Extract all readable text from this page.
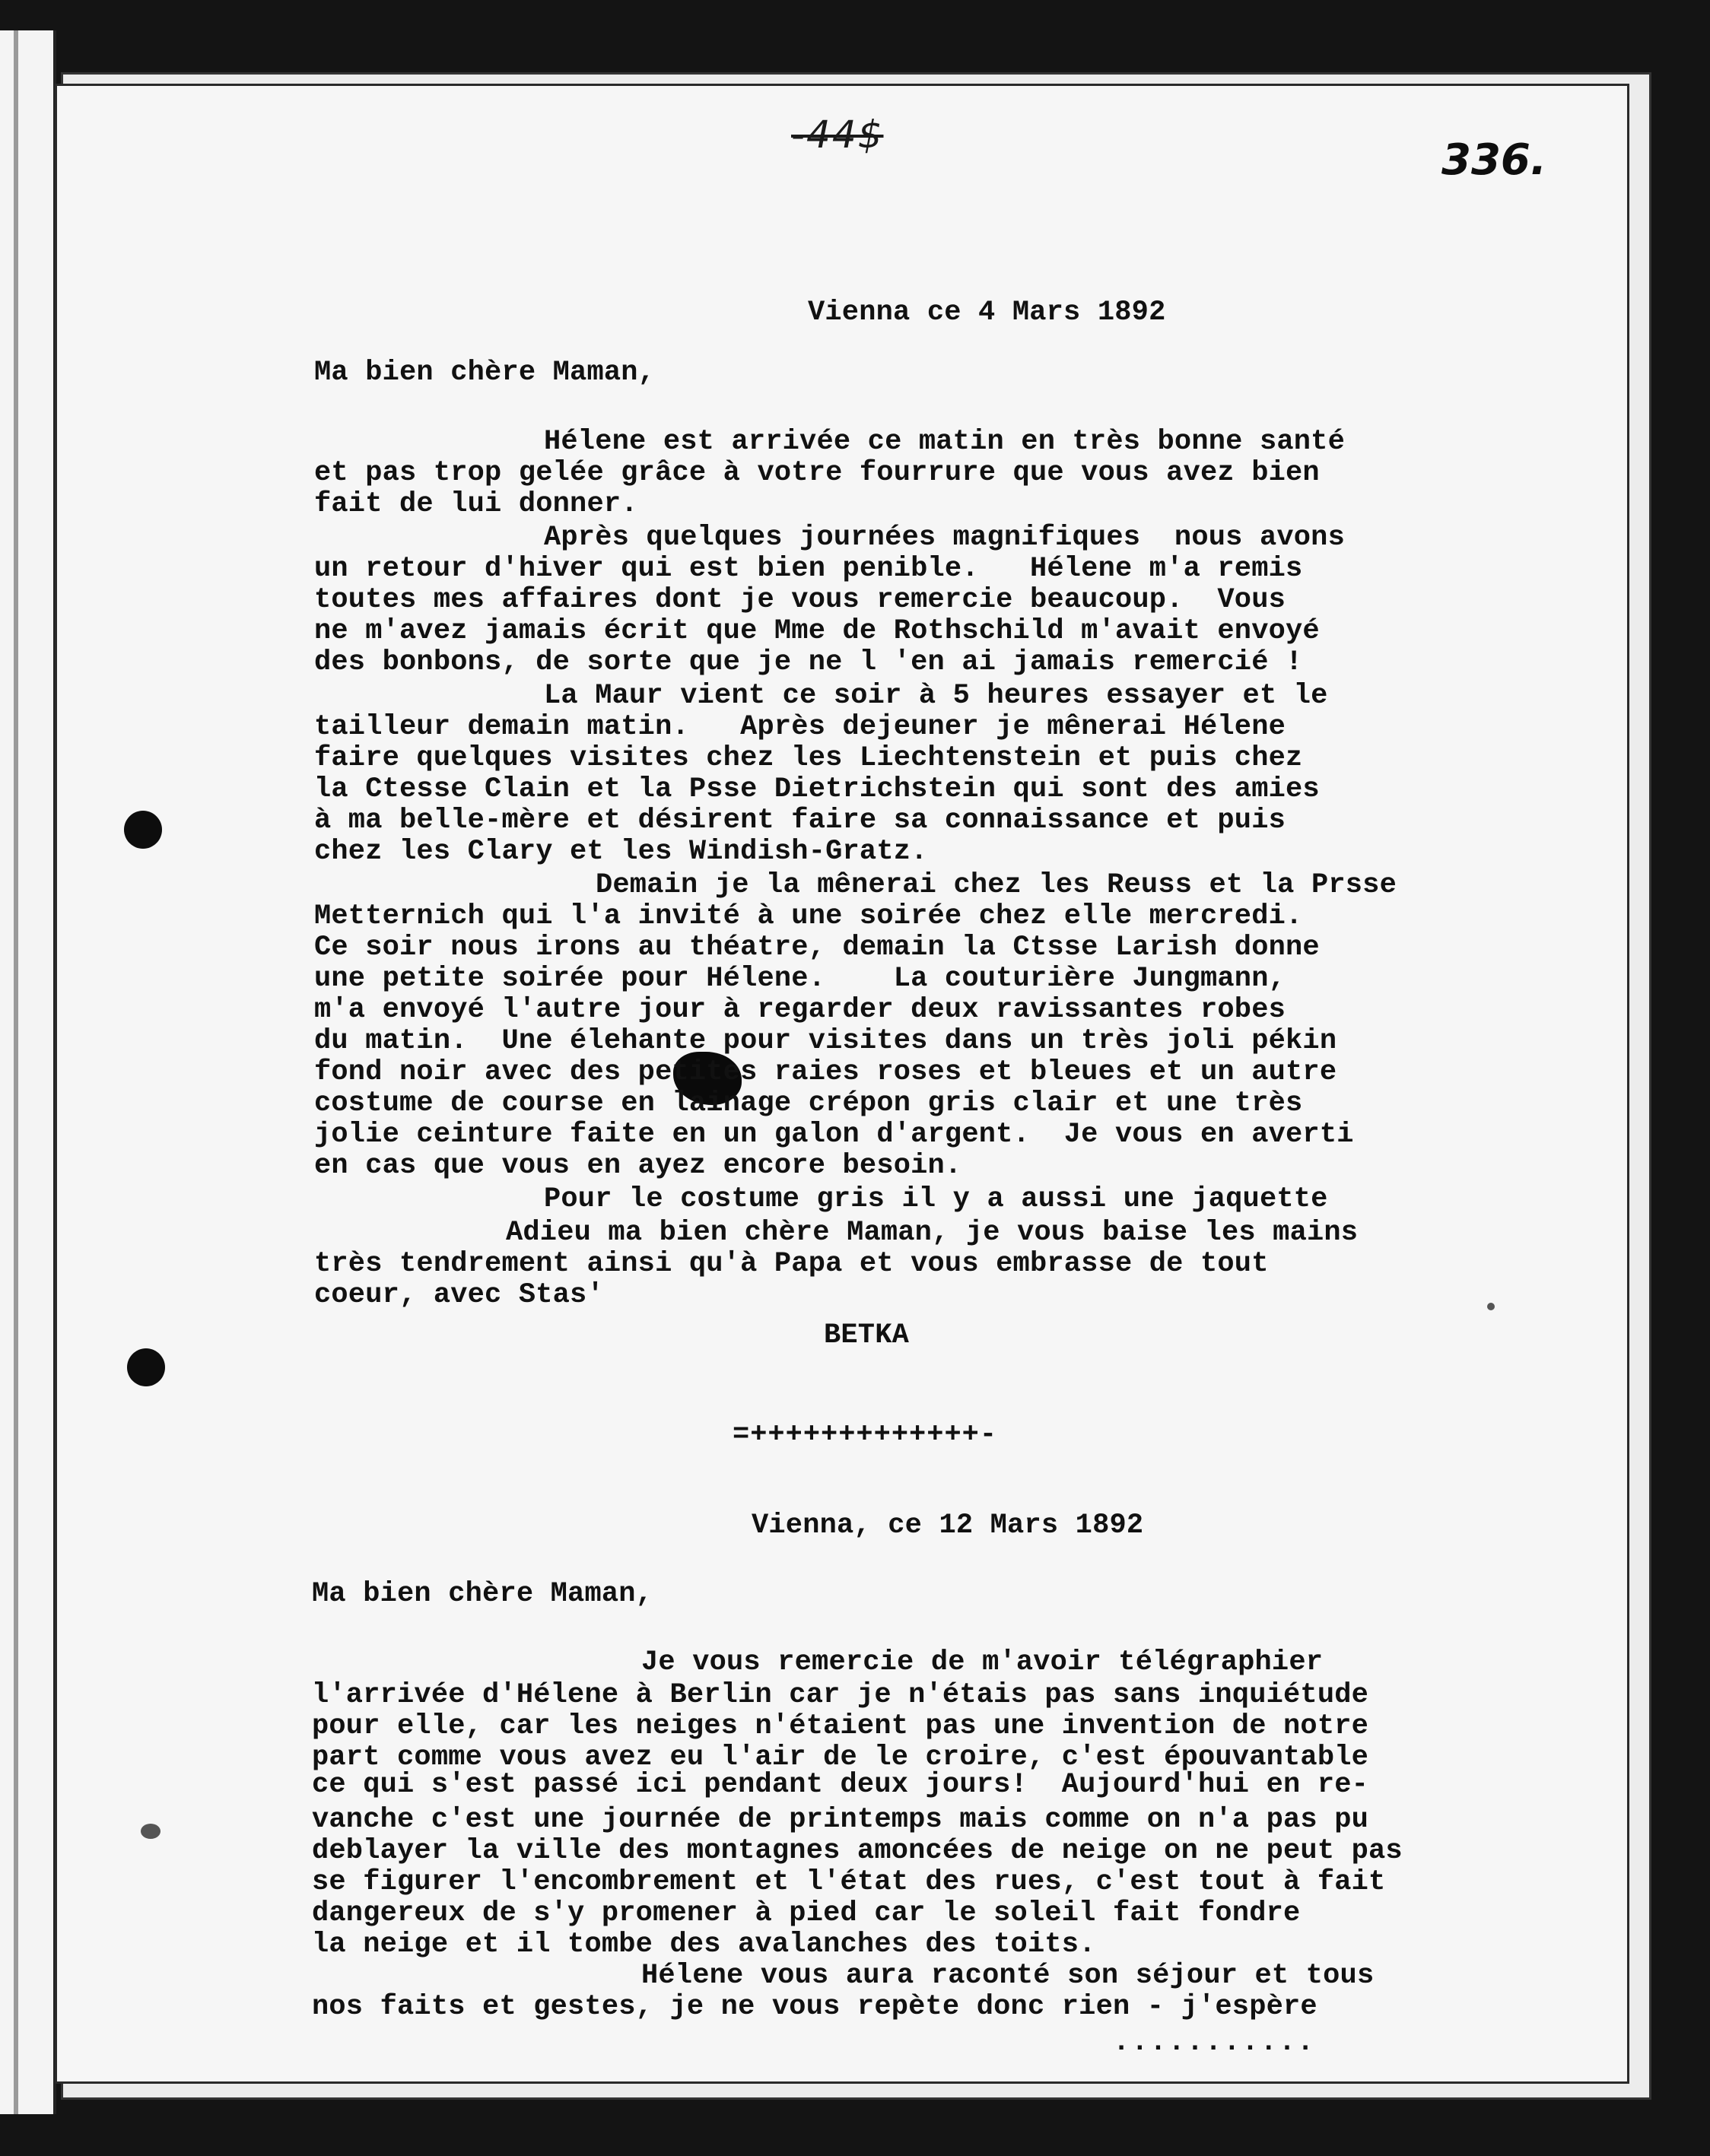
-44$
336.
Vienna ce 4 Mars 1892
Ma bien chère Maman,
Hélene est arrivée ce matin en très bonne santé
et pas trop gelée grâce à votre fourrure que vous avez bien
fait de lui donner.
Après quelques journées magnifiques  nous avons
un retour d'hiver qui est bien penible.   Hélene m'a remis
toutes mes affaires dont je vous remercie beaucoup.  Vous
ne m'avez jamais écrit que Mme de Rothschild m'avait envoyé
des bonbons, de sorte que je ne l 'en ai jamais remercié !
La Maur vient ce soir à 5 heures essayer et le
tailleur demain matin.   Après dejeuner je mênerai Hélene
faire quelques visites chez les Liechtenstein et puis chez
la Ctesse Clain et la Psse Dietrichstein qui sont des amies
à ma belle-mère et désirent faire sa connaissance et puis
chez les Clary et les Windish-Gratz.
Demain je la mênerai chez les Reuss et la Prsse
Metternich qui l'a invité à une soirée chez elle mercredi.
Ce soir nous irons au théatre, demain la Ctsse Larish donne
une petite soirée pour Hélene.    La couturière Jungmann,
m'a envoyé l'autre jour à regarder deux ravissantes robes
du matin.  Une élehante pour visites dans un très joli pékin
fond noir avec des petites raies roses et bleues et un autre
costume de course en lainage crépon gris clair et une très
jolie ceinture faite en un galon d'argent.  Je vous en averti
en cas que vous en ayez encore besoin.
Pour le costume gris il y a aussi une jaquette
Adieu ma bien chère Maman, je vous baise les mains
très tendrement ainsi qu'à Papa et vous embrasse de tout
coeur, avec Stas'
BETKA
=+++++++++++++-
Vienna, ce 12 Mars 1892
Ma bien chère Maman,
Je vous remercie de m'avoir télégraphier
l'arrivée d'Hélene à Berlin car je n'étais pas sans inquiétude
pour elle, car les neiges n'étaient pas une invention de notre
part comme vous avez eu l'air de le croire, c'est épouvantable
ce qui s'est passé ici pendant deux jours!  Aujourd'hui en re-
vanche c'est une journée de printemps mais comme on n'a pas pu
deblayer la ville des montagnes amoncées de neige on ne peut pas
se figurer l'encombrement et l'état des rues, c'est tout à fait
dangereux de s'y promener à pied car le soleil fait fondre
la neige et il tombe des avalanches des toits.
Hélene vous aura raconté son séjour et tous
nos faits et gestes, je ne vous repète donc rien - j'espère
...........
